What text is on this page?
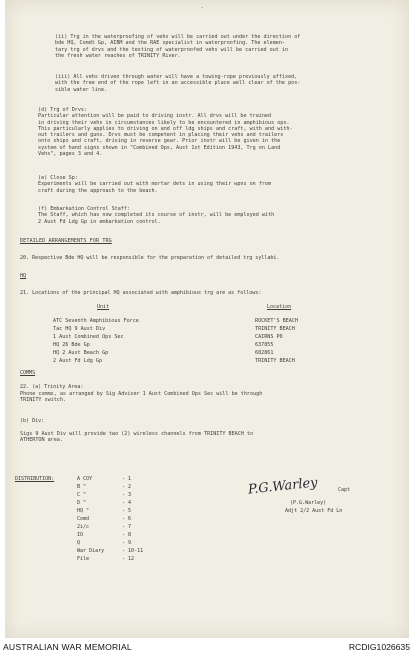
·
(ii) Trg in the waterproofing of vehs will be carried out under the direction of
bde HQ, Comdt Gp, AIBM and the RAE specialist in waterproofing. The elemen-
tary trg of drvs and the testing of waterproofed vehs will be carried out in
the fresh water reaches of TRINITY River.
(iii) All vehs driven through water will have a towing-rope previously affixed,
with the free end of the rope left in an accessible place well clear of the pos-
sible water line.
(d) Trg of Drvs:
Particular attention will be paid to driving instr. All drvs will be trained
in driving their vehs in circumstances likely to be encountered in amphibious ops.
This particularly applies to driving on and off ldg ships and craft, with and with-
out trailers and guns. Drvs must be competent in placing their vehs and trailers
onto ships and craft, driving in reverse gear. Prior instr will be given in the
system of hand signs shown in "Combined Ops, Aust 1st Edition 1943, Trg on Land
Vehs", pages 3 and 4.
(e) Close Sp:
Experiments will be carried out with mortar dets in using their wpns on from
craft during the approach to the beach.
(f) Embarkation Control Staff:
The Staff, which has now completed its course of instr, will be employed with
2 Aust Fd Ldg Gp in embarkation control.
DETAILED ARRANGEMENTS FOR TRG
20. Respective Bde HQ will be responsible for the preparation of detailed trg syllabi.
HQ
21. Locations of the principal HQ associated with amphibious trg are as follows:
Unit	Location
ATC Seventh Amphibious Force	ROCKET'S BEACH
Tac HQ 9 Aust Div	TRINITY BEACH
1 Aust Combined Ops Sec	CAIRNS P0
HQ 26 Bde Gp	637855
HQ 2 Aust Beach Gp	682861
2 Aust Fd Ldg Gp	TRINITY BEACH
COMMS
22. (a) Trinity Area:
Phone comms, as arranged by Sig Adviser 1 Aust Combined Ops Sec will be through
TRINITY switch.
(b) Div:
Sigs 9 Aust Div will provide two (2) wireless channels from TRINITY BEACH to
ATHERTON area.
P.G.Warley	Capt
(P.G.Warley)
Adjt 2/2 Aust Fd Ln
DISTRIBUTION:	A COY	- 1
B "	- 2
C "	- 3
D "	- 4
HQ "	- 5
Comd	- 6
2i/c	- 7
IO	- 8
Q	- 9
War Diary	- 10-11
File	- 12
AUSTRALIAN WAR MEMORIAL	RCDIG1026635
